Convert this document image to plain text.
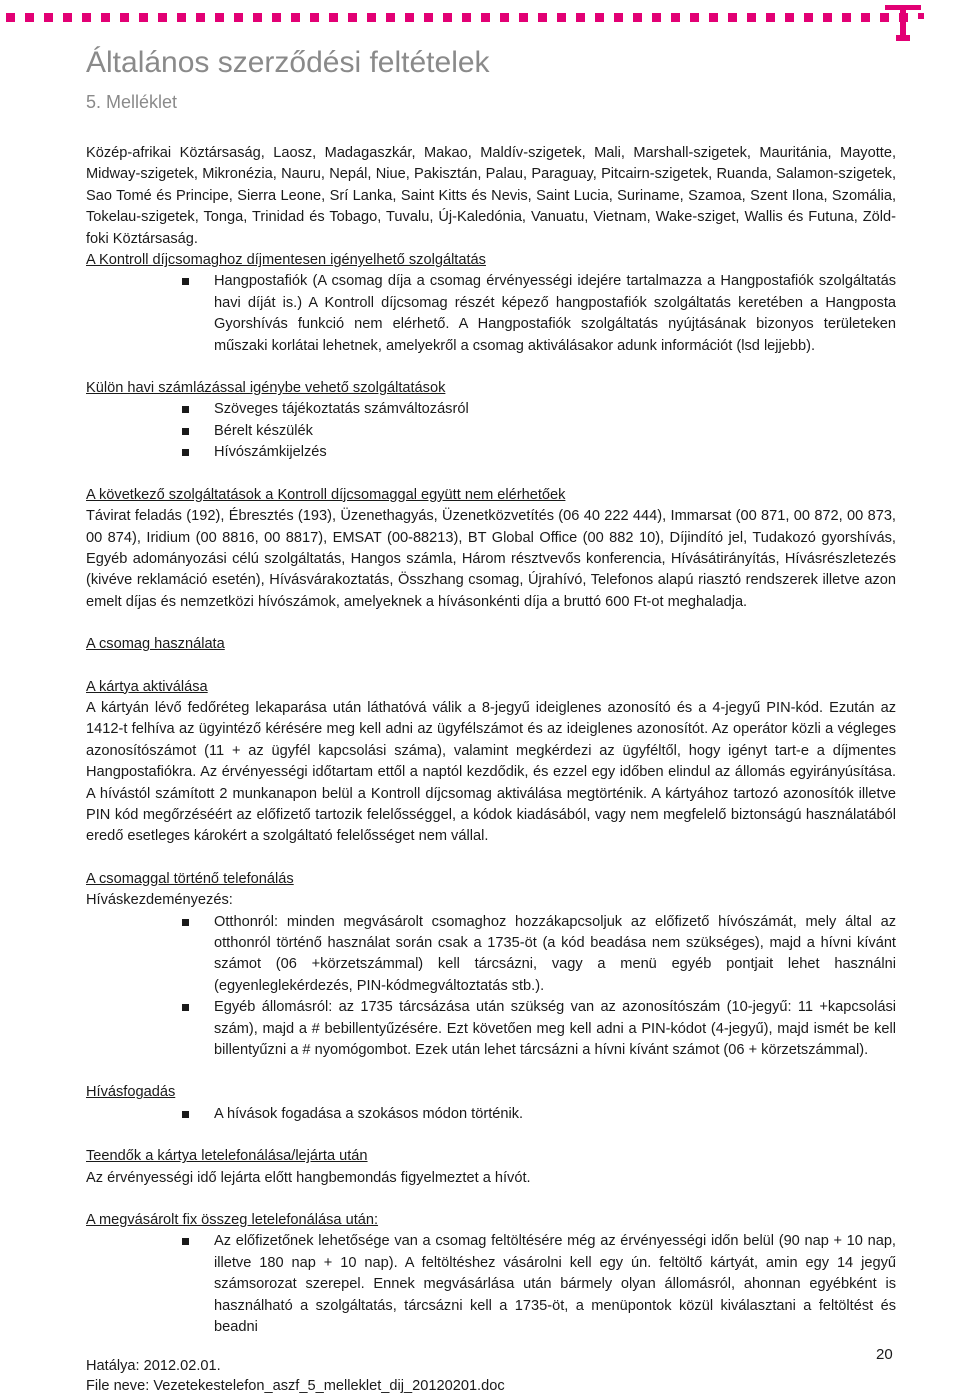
Általános szerződési feltételek
5. Melléklet

Közép-afrikai Köztársaság, Laosz, Madagaszkár, Makao, Maldív-szigetek, Mali, Marshall-szigetek, Mauritánia, Mayotte, Midway-szigetek, Mikronézia, Nauru, Nepál, Niue, Pakisztán, Palau, Paraguay, Pitcairn-szigetek, Ruanda, Salamon-szigetek, Sao Tomé és Principe, Sierra Leone, Srí Lanka, Saint Kitts és Nevis, Saint Lucia, Suriname, Szamoa, Szent Ilona, Szomália, Tokelau-szigetek, Tonga, Trinidad és Tobago, Tuvalu, Új-Kaledónia, Vanuatu, Vietnam, Wake-sziget, Wallis és Futuna, Zöld-foki Köztársaság.

A Kontroll díjcsomaghoz díjmentesen igényelhető szolgáltatás

Hangpostafiók (A csomag díja a csomag érvényességi idejére tartalmazza a Hangpostafiók szolgáltatás havi díját is.) A Kontroll díjcsomag részét képező hangpostafiók szolgáltatás keretében a Hangposta Gyorshívás funkció nem elérhető. A Hangpostafiók szolgáltatás nyújtásának bizonyos területeken műszaki korlátai lehetnek, amelyekről a csomag aktiválásakor adunk információt (lsd lejjebb).

Külön havi számlázással igénybe vehető szolgáltatások

Szöveges tájékoztatás számváltozásról
Bérelt készülék
Hívószámkijelzés

A következő szolgáltatások a Kontroll díjcsomaggal együtt nem elérhetőek

Távirat feladás (192), Ébresztés (193), Üzenethagyás, Üzenetközvetítés (06 40 222 444), Immarsat (00 871, 00 872, 00 873, 00 874), Iridium (00 8816, 00 8817), EMSAT (00-88213), BT Global Office (00 882 10), Díjindító jel, Tudakozó gyorshívás, Egyéb adományozási célú szolgáltatás, Hangos számla, Három résztvevős konferencia, Hívásátirányítás, Hívásrészletezés (kivéve reklamáció esetén), Hívásvárakoztatás, Összhang csomag, Újrahívó, Telefonos alapú riasztó rendszerek illetve azon emelt díjas és nemzetközi hívószámok, amelyeknek a hívásonkénti díja a bruttó 600 Ft-ot meghaladja.

A csomag használata

A kártya aktiválása

A kártyán lévő fedőréteg lekaparása után láthatóvá válik a 8-jegyű ideiglenes azonosító és a 4-jegyű PIN-kód. Ezután az 1412-t felhíva az ügyintéző kérésére meg kell adni az ügyfélszámot és az ideiglenes azonosítót. Az operátor közli a végleges azonosítószámot (11 + az ügyfél kapcsolási száma), valamint megkérdezi az ügyféltől, hogy igényt tart-e a díjmentes Hangpostafiókra. Az érvényességi időtartam ettől a naptól kezdődik, és ezzel egy időben elindul az állomás egyirányúsítása. A hívástól számított 2 munkanapon belül a Kontroll díjcsomag aktiválása megtörténik. A kártyához tartozó azonosítók illetve PIN kód megőrzéséért az előfizető tartozik felelősséggel, a kódok kiadásából, vagy nem megfelelő biztonságú használatából eredő esetleges károkért a szolgáltató felelősséget nem vállal.

A csomaggal történő telefonálás

Híváskezdeményezés:

Otthonról: minden megvásárolt csomaghoz hozzákapcsoljuk az előfizető hívószámát, mely által az otthonról történő használat során csak a 1735-öt (a kód beadása nem szükséges), majd a hívni kívánt számot (06 +körzetszámmal) kell tárcsázni, vagy a menü egyéb pontjait lehet használni (egyenleglekérdezés, PIN-kódmegváltoztatás stb.).
Egyéb állomásról: az 1735 tárcsázása után szükség van az azonosítószám (10-jegyű: 11 +kapcsolási szám), majd a # bebillentyűzésére. Ezt követően meg kell adni a PIN-kódot (4-jegyű), majd ismét be kell billentyűzni a # nyomógombot. Ezek után lehet tárcsázni a hívni kívánt számot (06 + körzetszámmal).

Hívásfogadás

A hívások fogadása a szokásos módon történik.

Teendők a kártya letelefonálása/lejárta után

Az érvényességi idő lejárta előtt hangbemondás figyelmeztet a hívót.

A megvásárolt fix összeg letelefonálása után:

Az előfizetőnek lehetősége van a csomag feltöltésére még az érvényességi időn belül (90 nap + 10 nap, illetve 180 nap + 10 nap). A feltöltéshez vásárolni kell egy ún. feltöltő kártyát, amin egy 14 jegyű számsorozat szerepel. Ennek megvásárlása után bármely olyan állomásról, ahonnan egyébként is használható a szolgáltatás, tárcsázni kell a 1735-öt, a menüpontok közül kiválasztani a feltöltést és beadni
20
Hatálya: 2012.02.01.
File neve: Vezetekestelefon_aszf_5_melleklet_dij_20120201.doc
